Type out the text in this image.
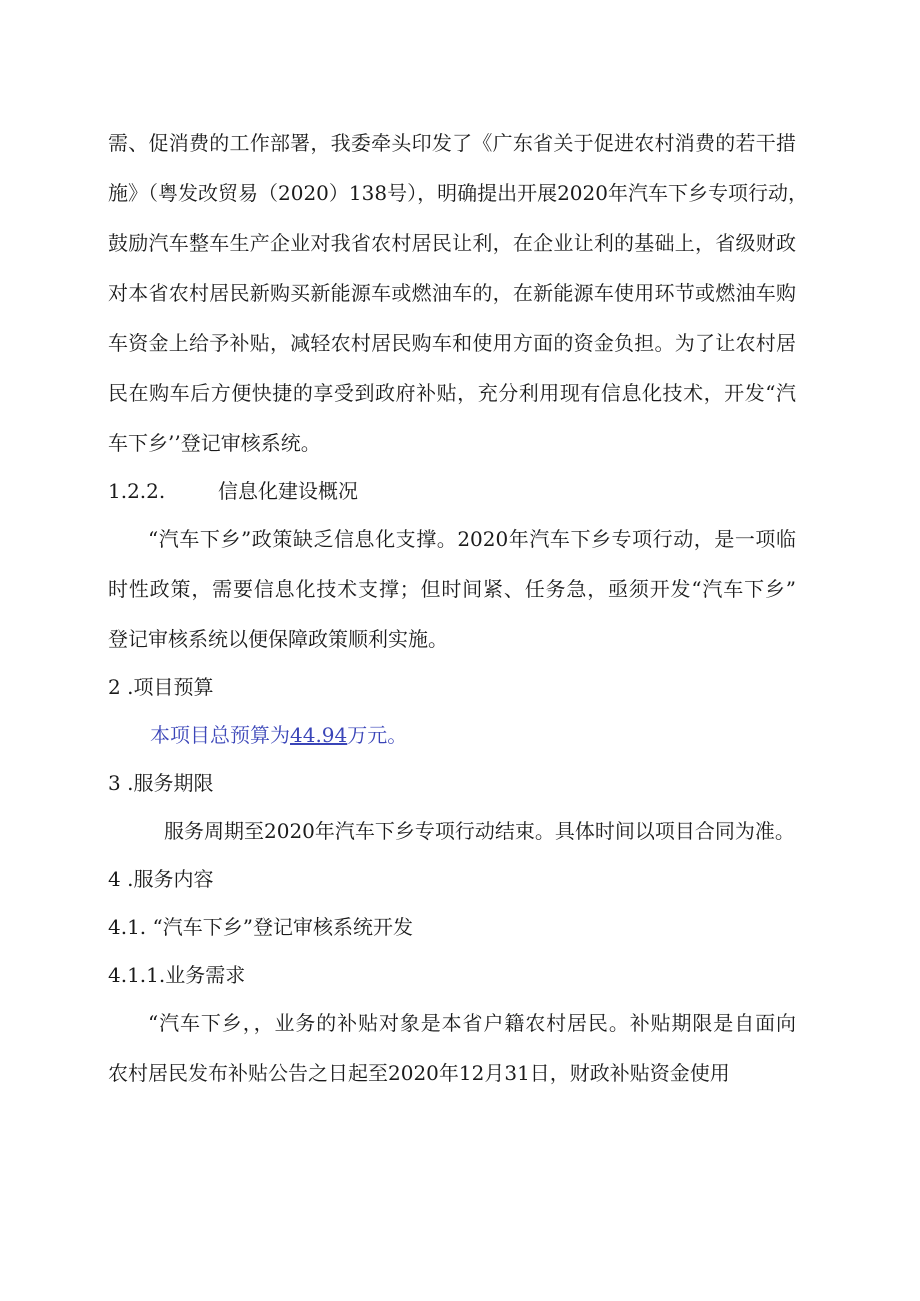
需、促消费的工作部署，我委牵头印发了《广东省关于促进农村消费的若干措
施》（粤发改贸易（2020）138号），明确提出开展2020年汽车下乡专项行动，
鼓励汽车整车生产企业对我省农村居民让利，在企业让利的基础上，省级财政
对本省农村居民新购买新能源车或燃油车的，在新能源车使用环节或燃油车购
车资金上给予补贴，减轻农村居民购车和使用方面的资金负担。为了让农村居
民在购车后方便快捷的享受到政府补贴，充分利用现有信息化技术，开发“汽
车下乡’’登记审核系统。
1.2.2.	信息化建设概况
“汽车下乡”政策缺乏信息化支撑。2020年汽车下乡专项行动，是一项临
时性政策，需要信息化技术支撑；但时间紧、任务急，亟须开发“汽车下乡”
登记审核系统以便保障政策顺利实施。
2 .项目预算
本项目总预算为44.94万元。
3 .服务期限
服务周期至2020年汽车下乡专项行动结束。具体时间以项目合同为准。
4 .服务内容
4.1. “汽车下乡”登记审核系统开发
4.1.1.业务需求
“汽车下乡，，业务的补贴对象是本省户籍农村居民。补贴期限是自面向
农村居民发布补贴公告之日起至2020年12月31日，财政补贴资金使用
